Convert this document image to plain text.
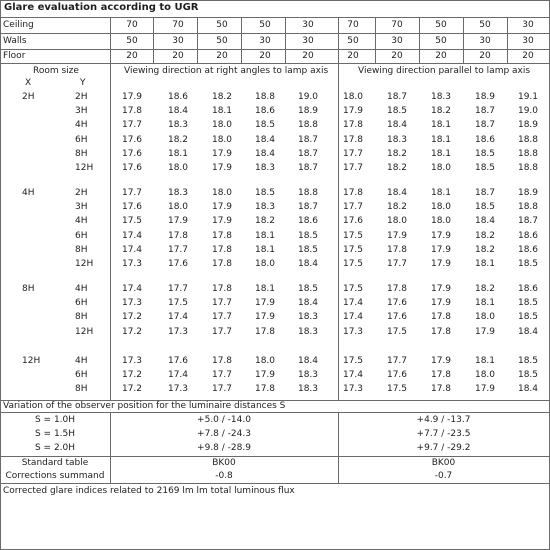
Glare evaluation according to UGR
Ceiling	70	70	50	50	30	70	70	50	50	30
Walls	50	30	50	30	30	50	30	50	30	30
Floor	20	20	20	20	20	20	20	20	20	20
Room size
X	Y
Viewing direction at right angles to lamp axis	Viewing direction parallel to lamp axis
2H	2H	17.9	18.6	18.2	18.8	19.0	18.0	18.7	18.3	18.9	19.1
3H	17.8	18.4	18.1	18.6	18.9	17.9	18.5	18.2	18.7	19.0
4H	17.7	18.3	18.0	18.5	18.8	17.8	18.4	18.1	18.7	18.9
6H	17.6	18.2	18.0	18.4	18.7	17.8	18.3	18.1	18.6	18.8
8H	17.6	18.1	17.9	18.4	18.7	17.7	18.2	18.1	18.5	18.8
12H	17.6	18.0	17.9	18.3	18.7	17.7	18.2	18.0	18.5	18.8
4H	2H	17.7	18.3	18.0	18.5	18.8	17.8	18.4	18.1	18.7	18.9
3H	17.6	18.0	17.9	18.3	18.7	17.7	18.2	18.0	18.5	18.8
4H	17.5	17.9	17.9	18.2	18.6	17.6	18.0	18.0	18.4	18.7
6H	17.4	17.8	17.8	18.1	18.5	17.5	17.9	17.9	18.2	18.6
8H	17.4	17.7	17.8	18.1	18.5	17.5	17.8	17.9	18.2	18.6
12H	17.3	17.6	17.8	18.0	18.4	17.5	17.7	17.9	18.1	18.5
8H	4H	17.4	17.7	17.8	18.1	18.5	17.5	17.8	17.9	18.2	18.6
6H	17.3	17.5	17.7	17.9	18.4	17.4	17.6	17.9	18.1	18.5
8H	17.2	17.4	17.7	17.9	18.3	17.4	17.6	17.8	18.0	18.5
12H	17.2	17.3	17.7	17.8	18.3	17.3	17.5	17.8	17.9	18.4
12H	4H	17.3	17.6	17.8	18.0	18.4	17.5	17.7	17.9	18.1	18.5
6H	17.2	17.4	17.7	17.9	18.3	17.4	17.6	17.8	18.0	18.5
8H	17.2	17.3	17.7	17.8	18.3	17.3	17.5	17.8	17.9	18.4
Variation of the observer position for the luminaire distances S
S = 1.0H	+5.0 / -14.0	+4.9 / -13.7
S = 1.5H	+7.8 / -24.3	+7.7 / -23.5
S = 2.0H	+9.8 / -28.9	+9.7 / -29.2
Standard table	BK00	BK00
Corrections summand	-0.8	-0.7
Corrected glare indices related to 2169 lm lm total luminous flux
